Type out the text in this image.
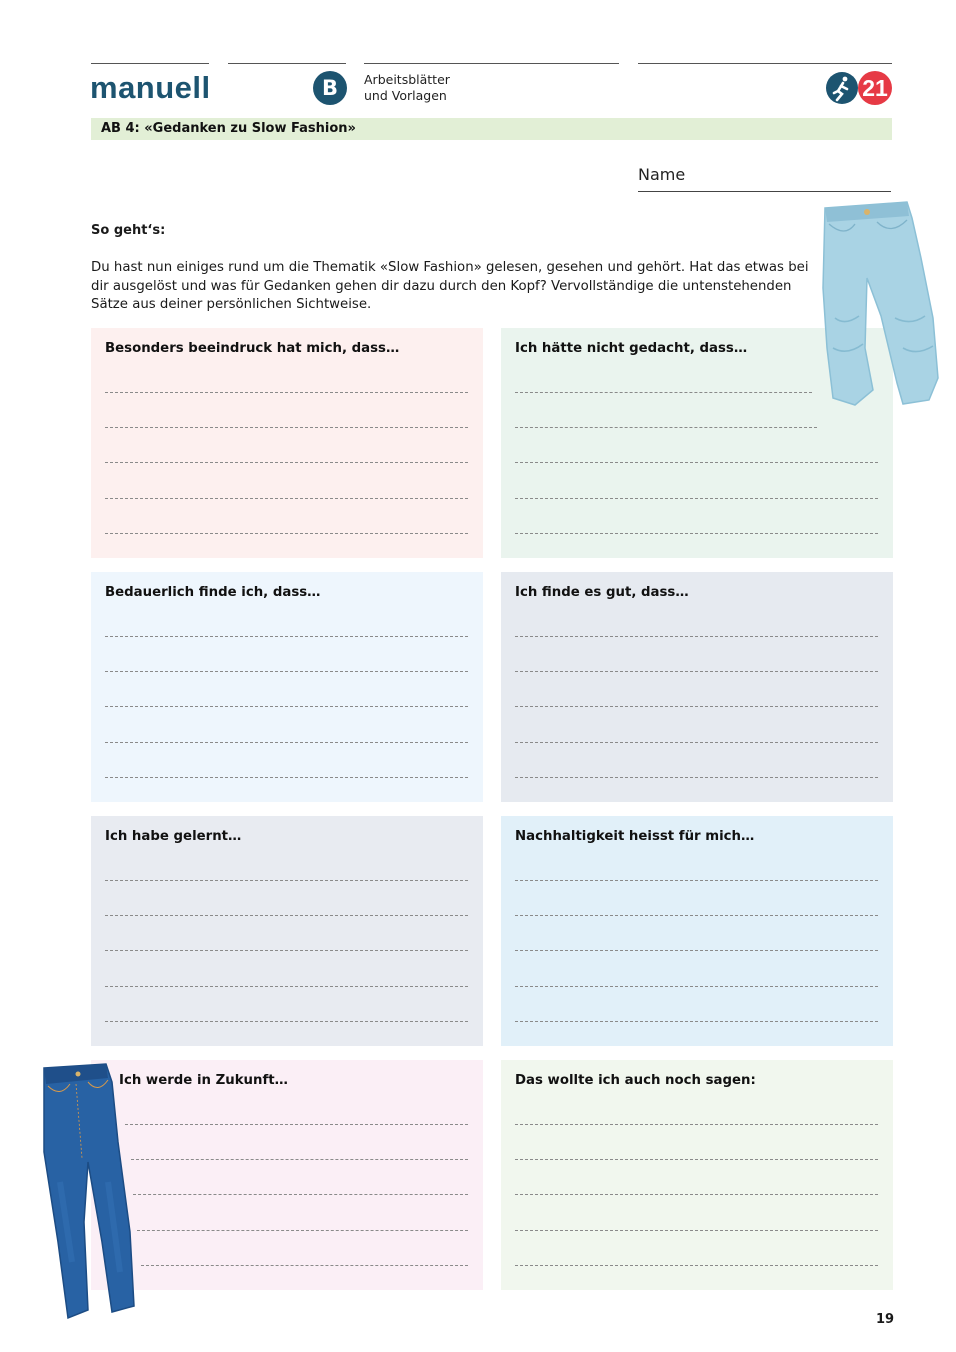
manuell	B	Arbeitsblätter
und Vorlagen	21
AB 4: «Gedanken zu Slow Fashion»
Name
So geht‘s:
Du hast nun einiges rund um die Thematik «Slow Fashion» gelesen, gesehen und gehört. Hat das etwas bei dir ausgelöst und was für Gedanken gehen dir dazu durch den Kopf? Vervollständige die untenstehenden Sätze aus deiner persönlichen Sichtweise.
Besonders beeindruck hat mich, dass…	Ich hätte nicht gedacht, dass…
Bedauerlich finde ich, dass…	Ich finde es gut, dass…
Ich habe gelernt…	Nachhaltigkeit heisst für mich…
Ich werde in Zukunft…	Das wollte ich auch noch sagen:
19
